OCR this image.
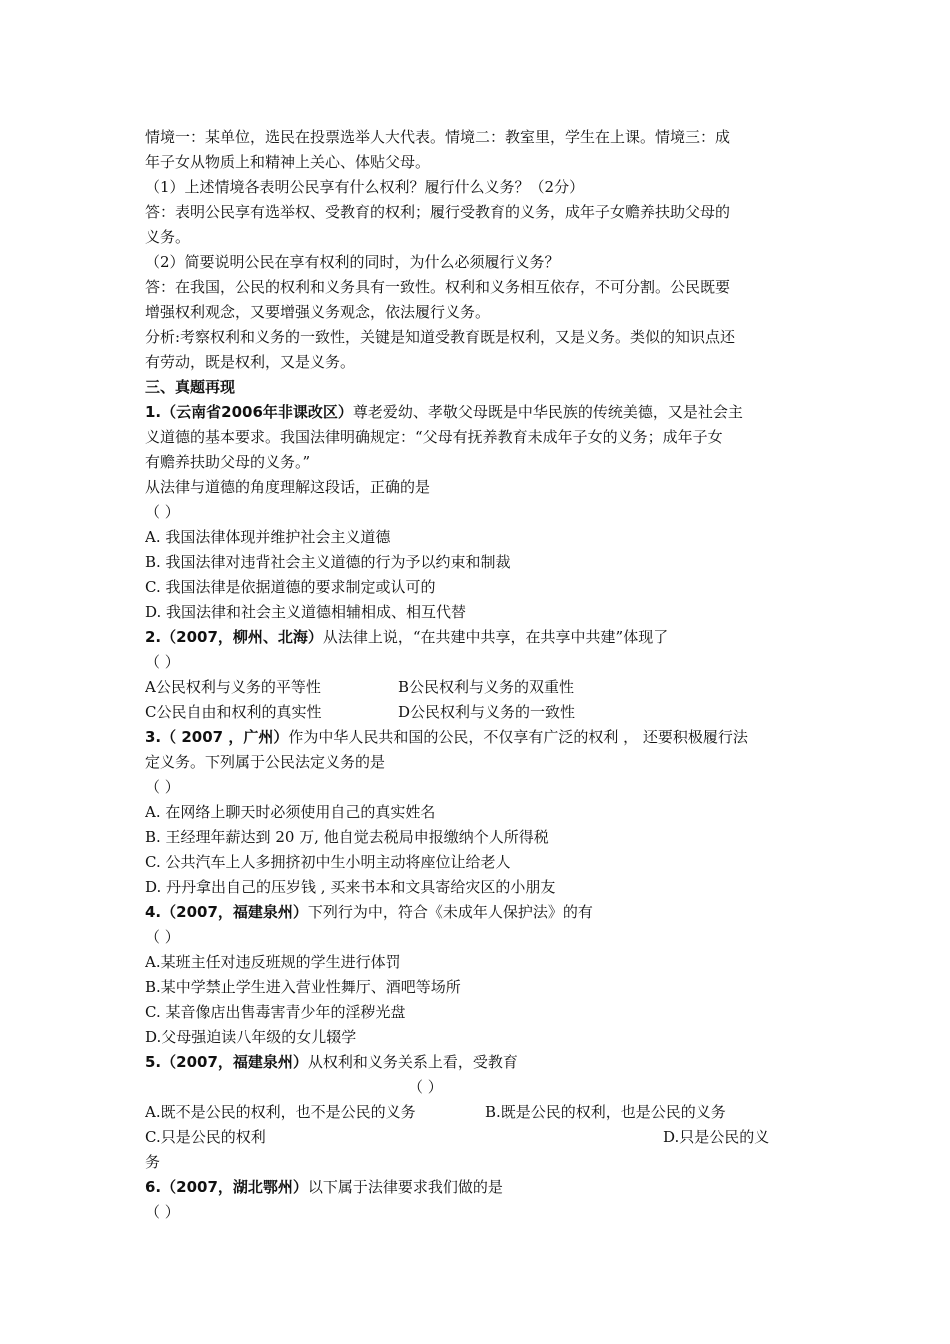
情境一：某单位，选民在投票选举人大代表。情境二：教室里，学生在上课。情境三：成
年子女从物质上和精神上关心、体贴父母。
（1）上述情境各表明公民享有什么权利？履行什么义务？（2分）
答：表明公民享有选举权、受教育的权利；履行受教育的义务，成年子女赡养扶助父母的
义务。
（2）简要说明公民在享有权利的同时，为什么必须履行义务？
答：在我国，公民的权利和义务具有一致性。权利和义务相互依存，不可分割。公民既要
增强权利观念，又要增强义务观念，依法履行义务。
分析:考察权利和义务的一致性，关键是知道受教育既是权利，又是义务。类似的知识点还
有劳动，既是权利，又是义务。
三、真题再现
1.（云南省2006年非课改区）尊老爱幼、孝敬父母既是中华民族的传统美德，又是社会主
义道德的基本要求。我国法律明确规定：“父母有抚养教育未成年子女的义务；成年子女
有赡养扶助父母的义务。”
从法律与道德的角度理解这段话，正确的是
（ ）
A. 我国法律体现并维护社会主义道德
B. 我国法律对违背社会主义道德的行为予以约束和制裁
C. 我国法律是依据道德的要求制定或认可的
D. 我国法律和社会主义道德相辅相成、相互代替
2.（2007，柳州、北海）从法律上说，“在共建中共享，在共享中共建”体现了
（ ）
A公民权利与义务的平等性	B公民权利与义务的双重性
C公民自由和权利的真实性	D公民权利与义务的一致性
3.（ 2007 ，广州）作为中华人民共和国的公民，不仅享有广泛的权利 ， 还要积极履行法
定义务。下列属于公民法定义务的是
（ ）
A. 在网络上聊天时必须使用自己的真实姓名
B. 王经理年薪达到 20 万, 他自觉去税局申报缴纳个人所得税
C. 公共汽车上人多拥挤初中生小明主动将座位让给老人
D. 丹丹拿出自己的压岁钱 , 买来书本和文具寄给灾区的小朋友
4.（2007，福建泉州）下列行为中，符合《未成年人保护法》的有
（ ）
A.某班主任对违反班规的学生进行体罚
B.某中学禁止学生进入营业性舞厅、酒吧等场所
C. 某音像店出售毒害青少年的淫秽光盘
D.父母强迫读八年级的女儿辍学
5.（2007，福建泉州）从权利和义务关系上看，受教育
（ ）
A.既不是公民的权利，也不是公民的义务	B.既是公民的权利，也是公民的义务
C.只是公民的权利	D.只是公民的义
务
6.（2007，湖北鄂州）以下属于法律要求我们做的是
（ ）
